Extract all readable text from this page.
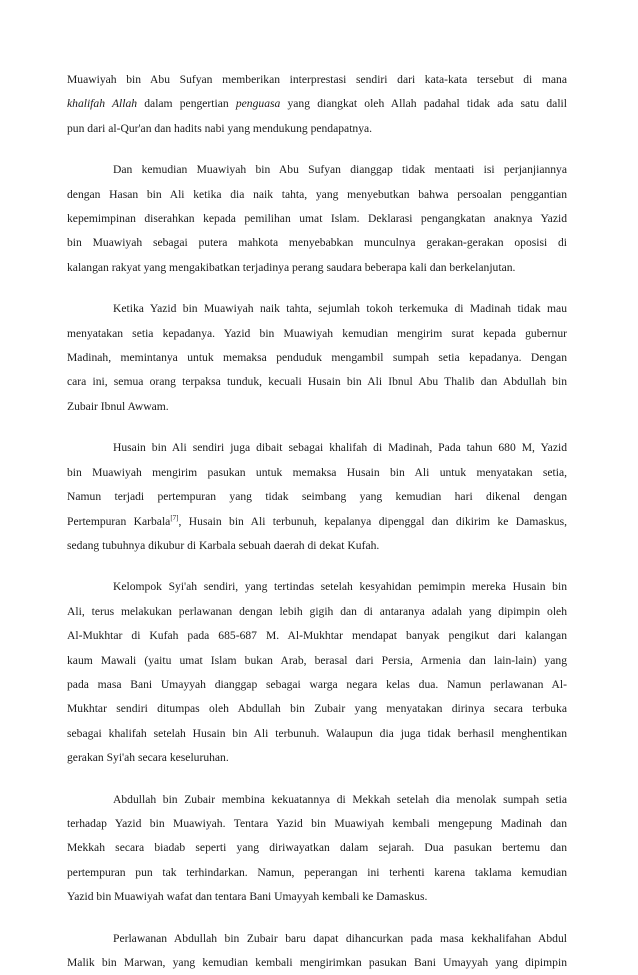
Muawiyah bin Abu Sufyan memberikan interprestasi sendiri dari kata-kata tersebut di mana
khalifah Allah dalam pengertian penguasa yang diangkat oleh Allah padahal tidak ada satu dalil
pun dari al-Qur'an dan hadits nabi yang mendukung pendapatnya.
Dan kemudian Muawiyah bin Abu Sufyan dianggap tidak mentaati isi perjanjiannya
dengan Hasan bin Ali ketika dia naik tahta, yang menyebutkan bahwa persoalan penggantian
kepemimpinan diserahkan kepada pemilihan umat Islam. Deklarasi pengangkatan anaknya Yazid
bin Muawiyah sebagai putera mahkota menyebabkan munculnya gerakan-gerakan oposisi di
kalangan rakyat yang mengakibatkan terjadinya perang saudara beberapa kali dan berkelanjutan.
Ketika Yazid bin Muawiyah naik tahta, sejumlah tokoh terkemuka di Madinah tidak mau
menyatakan setia kepadanya. Yazid bin Muawiyah kemudian mengirim surat kepada gubernur
Madinah, memintanya untuk memaksa penduduk mengambil sumpah setia kepadanya. Dengan
cara ini, semua orang terpaksa tunduk, kecuali Husain bin Ali Ibnul Abu Thalib dan Abdullah bin
Zubair Ibnul Awwam.
Husain bin Ali sendiri juga dibait sebagai khalifah di Madinah, Pada tahun 680 M, Yazid
bin Muawiyah mengirim pasukan untuk memaksa Husain bin Ali untuk menyatakan setia,
Namun terjadi pertempuran yang tidak seimbang yang kemudian hari dikenal dengan
Pertempuran Karbala[7], Husain bin Ali terbunuh, kepalanya dipenggal dan dikirim ke Damaskus,
sedang tubuhnya dikubur di Karbala sebuah daerah di dekat Kufah.
Kelompok Syi'ah sendiri, yang tertindas setelah kesyahidan pemimpin mereka Husain bin
Ali, terus melakukan perlawanan dengan lebih gigih dan di antaranya adalah yang dipimpin oleh
Al-Mukhtar di Kufah pada 685-687 M. Al-Mukhtar mendapat banyak pengikut dari kalangan
kaum Mawali (yaitu umat Islam bukan Arab, berasal dari Persia, Armenia dan lain-lain) yang
pada masa Bani Umayyah dianggap sebagai warga negara kelas dua. Namun perlawanan Al-
Mukhtar sendiri ditumpas oleh Abdullah bin Zubair yang menyatakan dirinya secara terbuka
sebagai khalifah setelah Husain bin Ali terbunuh. Walaupun dia juga tidak berhasil menghentikan
gerakan Syi'ah secara keseluruhan.
Abdullah bin Zubair membina kekuatannya di Mekkah setelah dia menolak sumpah setia
terhadap Yazid bin Muawiyah. Tentara Yazid bin Muawiyah kembali mengepung Madinah dan
Mekkah secara biadab seperti yang diriwayatkan dalam sejarah. Dua pasukan bertemu dan
pertempuran pun tak terhindarkan. Namun, peperangan ini terhenti karena taklama kemudian
Yazid bin Muawiyah wafat dan tentara Bani Umayyah kembali ke Damaskus.
Perlawanan Abdullah bin Zubair baru dapat dihancurkan pada masa kekhalifahan Abdul
Malik bin Marwan, yang kemudian kembali mengirimkan pasukan Bani Umayyah yang dipimpin
